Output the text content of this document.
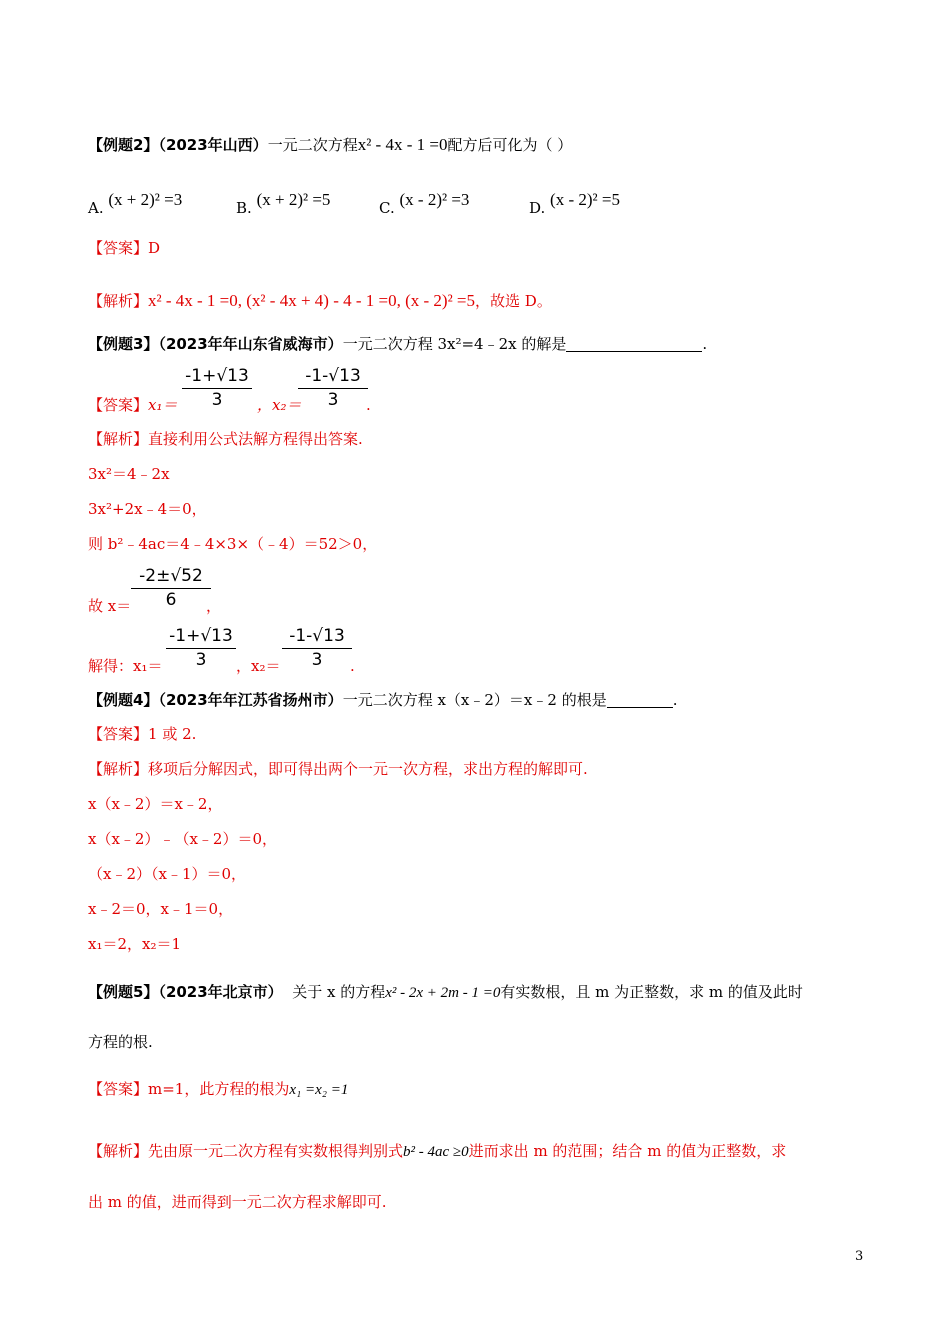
【例题2】（2023年山西）一元二次方程x² - 4x - 1 =0配方后可化为（ ）
A. (x + 2)² =3	B. (x + 2)² =5	C. (x - 2)² =3	D. (x - 2)² =5
【答案】D
【解析】x² - 4x - 1 =0, (x² - 4x + 4) - 4 - 1 =0, (x - 2)² =5，故选 D。
【例题3】（2023年年山东省威海市）一元二次方程 3x²=4﹣2x 的解是	.
【答案】x₁＝
-1+√13
3	，x₂＝
-1-√13
3	.
【解析】直接利用公式法解方程得出答案.
3x²＝4﹣2x
3x²+2x﹣4＝0，
则 b²﹣4ac＝4﹣4×3×（﹣4）＝52＞0，
故 x＝
-2±√52
6	，
解得：x₁＝
-1+√13
3	，x₂＝
-1-√13
3	.
【例题4】（2023年年江苏省扬州市）一元二次方程 x（x﹣2）＝x﹣2 的根是	.
【答案】1 或 2.
【解析】移项后分解因式，即可得出两个一元一次方程，求出方程的解即可.
x（x﹣2）＝x﹣2，
x（x﹣2）﹣（x﹣2）＝0，
（x﹣2）（x﹣1）＝0，
x﹣2＝0，x﹣1＝0，
x₁＝2，x₂＝1
【例题5】（2023年北京市） 关于 x 的方程x² - 2x + 2m - 1 =0有实数根，且 m 为正整数，求 m 的值及此时
方程的根.
【答案】m=1，此方程的根为x₁ =x₂ =1
【解析】先由原一元二次方程有实数根得判别式b² - 4ac ≥0进而求出 m 的范围；结合 m 的值为正整数，求
出 m 的值，进而得到一元二次方程求解即可.
3
